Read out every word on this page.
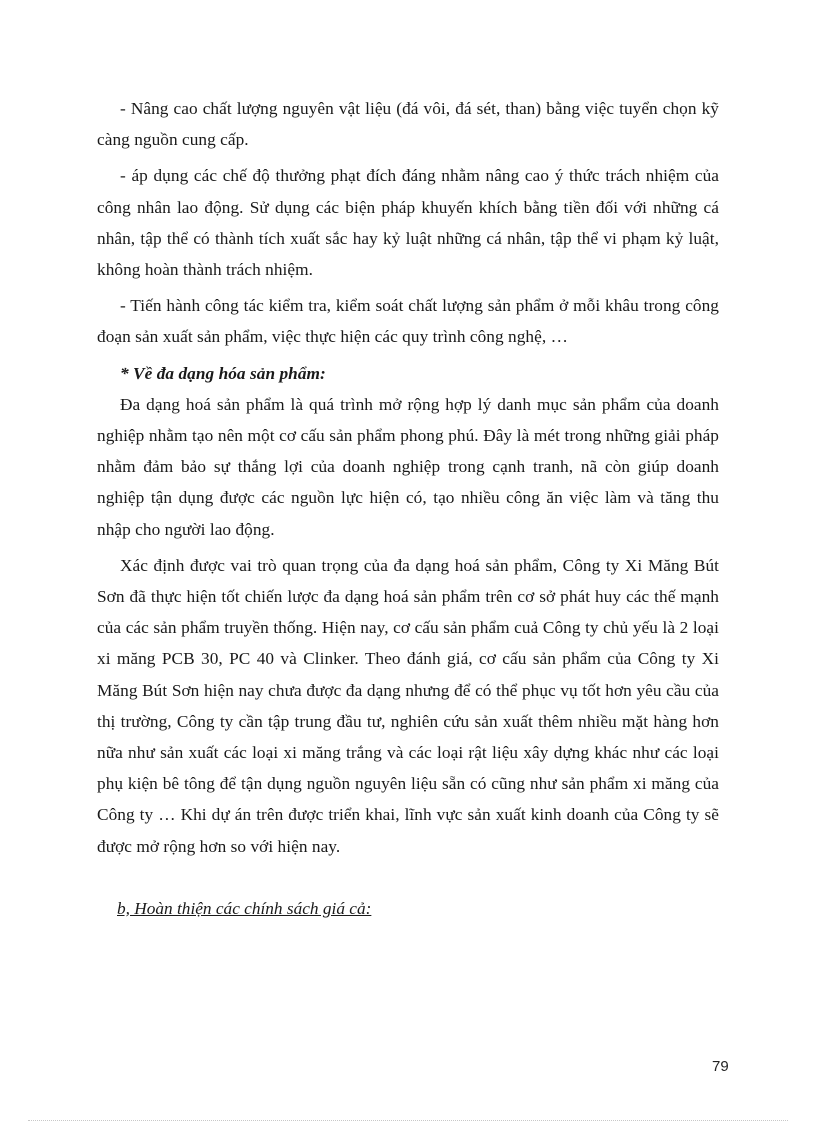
- Nâng cao chất lượng nguyên vật liệu (đá vôi, đá sét, than) bằng việc tuyển chọn kỹ càng nguồn cung cấp.

- áp dụng các chế độ thưởng phạt đích đáng nhằm nâng cao ý thức trách nhiệm của công nhân lao động. Sử dụng các biện pháp khuyến khích bằng tiền đối với những cá nhân, tập thể có thành tích xuất sắc hay kỷ luật những cá nhân, tập thể vi phạm kỷ luật, không hoàn thành trách nhiệm.

- Tiến hành công tác kiểm tra, kiểm soát chất lượng sản phẩm ở mỗi khâu trong công đoạn sản xuất sản phẩm, việc thực hiện các quy trình công nghệ, …

* Về đa dạng hóa sản phẩm:

Đa dạng hoá sản phẩm là quá trình mở rộng hợp lý danh mục sản phẩm của doanh nghiệp nhằm tạo nên một cơ cấu sản phẩm phong phú. Đây là mét trong những giải pháp nhằm đảm bảo sự thắng lợi của doanh nghiệp trong cạnh tranh, nã còn giúp doanh nghiệp tận dụng được các nguồn lực hiện có, tạo nhiều công ăn việc làm và tăng thu nhập cho người lao động.

Xác định được vai trò quan trọng của đa dạng hoá sản phẩm, Công ty Xi Măng Bút Sơn đã thực hiện tốt chiến lược đa dạng hoá sản phẩm trên cơ sở phát huy các thế mạnh của các sản phẩm truyền thống. Hiện nay, cơ cấu sản phẩm cuả Công ty chủ yếu là 2 loại xi măng PCB 30, PC 40 và Clinker. Theo đánh giá, cơ cấu sản phẩm của Công ty Xi Măng Bút Sơn hiện nay chưa được đa dạng nhưng để có thể phục vụ tốt hơn yêu cầu của thị trường, Công ty cần tập trung đầu tư, nghiên cứu sản xuất thêm nhiều mặt hàng hơn nữa như sản xuất các loại xi măng trắng và các loại rật liệu xây dựng khác như các loại phụ kiện bê tông để tận dụng nguồn nguyên liệu sẵn có cũng như sản phẩm xi măng của Công ty … Khi dự án trên được triển khai, lĩnh vực sản xuất kinh doanh của Công ty sẽ được mở rộng hơn so với hiện nay.

b, Hoàn thiện các chính sách giá cả:
79
